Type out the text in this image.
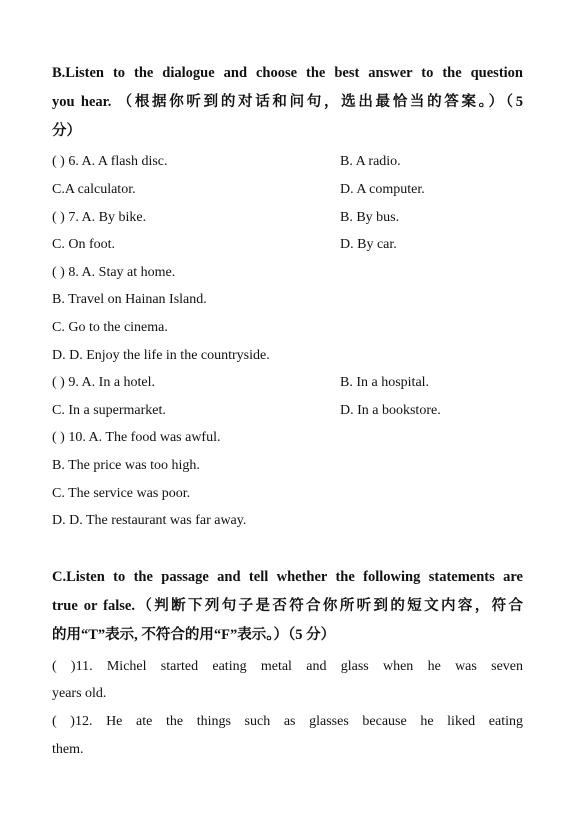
B.Listen to the dialogue and choose the best answer to the question
you hear. （根据你听到的对话和问句，选出最恰当的答案。）（5
分）
( ) 6. A. A flash disc.	B. A radio.
C.A calculator.	D. A computer.
( ) 7. A. By bike.	B. By bus.
C. On foot.	D. By car.
( ) 8. A. Stay at home.
B. Travel on Hainan Island.
C. Go to the cinema.
D. D. Enjoy the life in the countryside.
( ) 9. A. In a hotel.	B. In a hospital.
C. In a supermarket.	D. In a bookstore.
( ) 10. A. The food was awful.
B. The price was too high.
C. The service was poor.
D. D. The restaurant was far away.
C.Listen to the passage and tell whether the following statements are
true or false.（判断下列句子是否符合你所听到的短文内容，符合
的用“T”表示, 不符合的用“F”表示。）（5 分）
( )11. Michel started eating metal and glass when he was seven
years old.
( )12. He ate the things such as glasses because he liked eating
them.
